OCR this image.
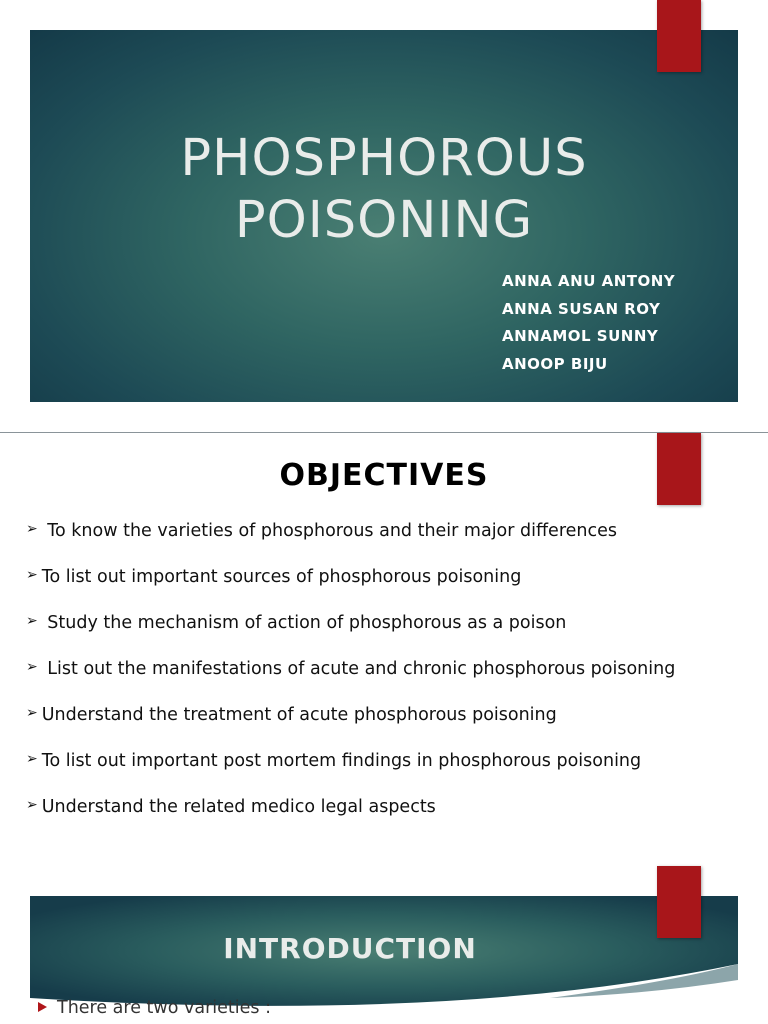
PHOSPHOROUS
POISONING
ANNA ANU ANTONY
ANNA SUSAN ROY
ANNAMOL SUNNY
ANOOP BIJU
OBJECTIVES
➢ To know the varieties of phosphorous and their major differences
➢ To list out important sources of phosphorous poisoning
➢ Study the mechanism of action of phosphorous as a poison
➢ List out the manifestations of acute and chronic phosphorous poisoning
➢ Understand the treatment of acute phosphorous poisoning
➢ To list out important post mortem findings in phosphorous poisoning
➢ Understand the related medico legal aspects
INTRODUCTION
There are two varieties :
